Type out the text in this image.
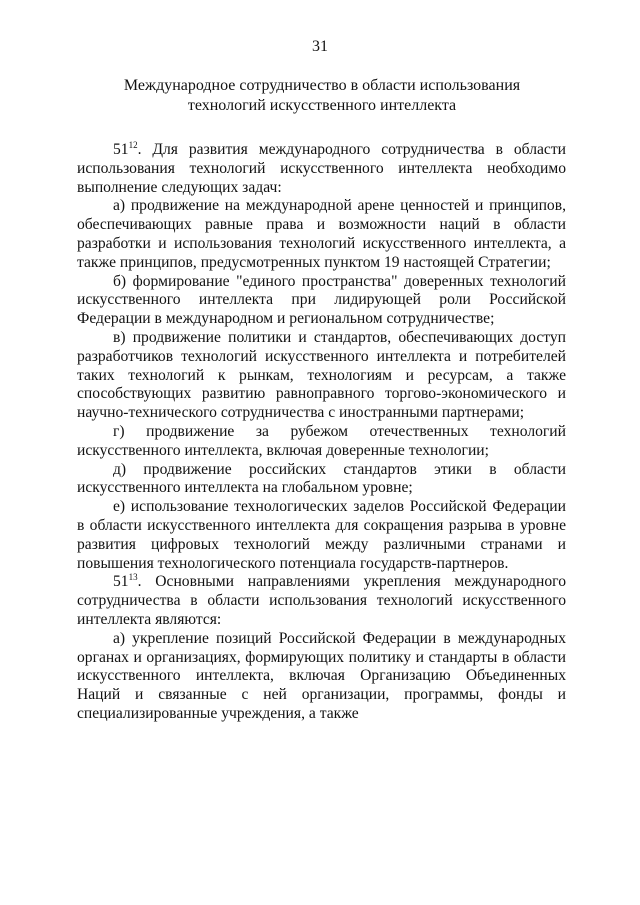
31
Международное сотрудничество в области использования
технологий искусственного интеллекта

$51^{12}$. Для развития международного сотрудничества в области использования технологий искусственного интеллекта необходимо выполнение следующих задач:

а) продвижение на международной арене ценностей и принципов, обеспечивающих равные права и возможности наций в области разработки и использования технологий искусственного интеллекта, а также принципов, предусмотренных пунктом 19 настоящей Стратегии;

б) формирование "единого пространства" доверенных технологий искусственного интеллекта при лидирующей роли Российской Федерации в международном и региональном сотрудничестве;

в) продвижение политики и стандартов, обеспечивающих доступ разработчиков технологий искусственного интеллекта и потребителей таких технологий к рынкам, технологиям и ресурсам, а также способствующих развитию равноправного торгово-экономического и научно-технического сотрудничества с иностранными партнерами;

г) продвижение за рубежом отечественных технологий искусственного интеллекта, включая доверенные технологии;

д) продвижение российских стандартов этики в области искусственного интеллекта на глобальном уровне;

е) использование технологических заделов Российской Федерации в области искусственного интеллекта для сокращения разрыва в уровне развития цифровых технологий между различными странами и повышения технологического потенциала государств-партнеров.

$51^{13}$. Основными направлениями укрепления международного сотрудничества в области использования технологий искусственного интеллекта являются:

а) укрепление позиций Российской Федерации в международных органах и организациях, формирующих политику и стандарты в области искусственного интеллекта, включая Организацию Объединенных Наций и связанные с ней организации, программы, фонды и специализированные учреждения, а также
